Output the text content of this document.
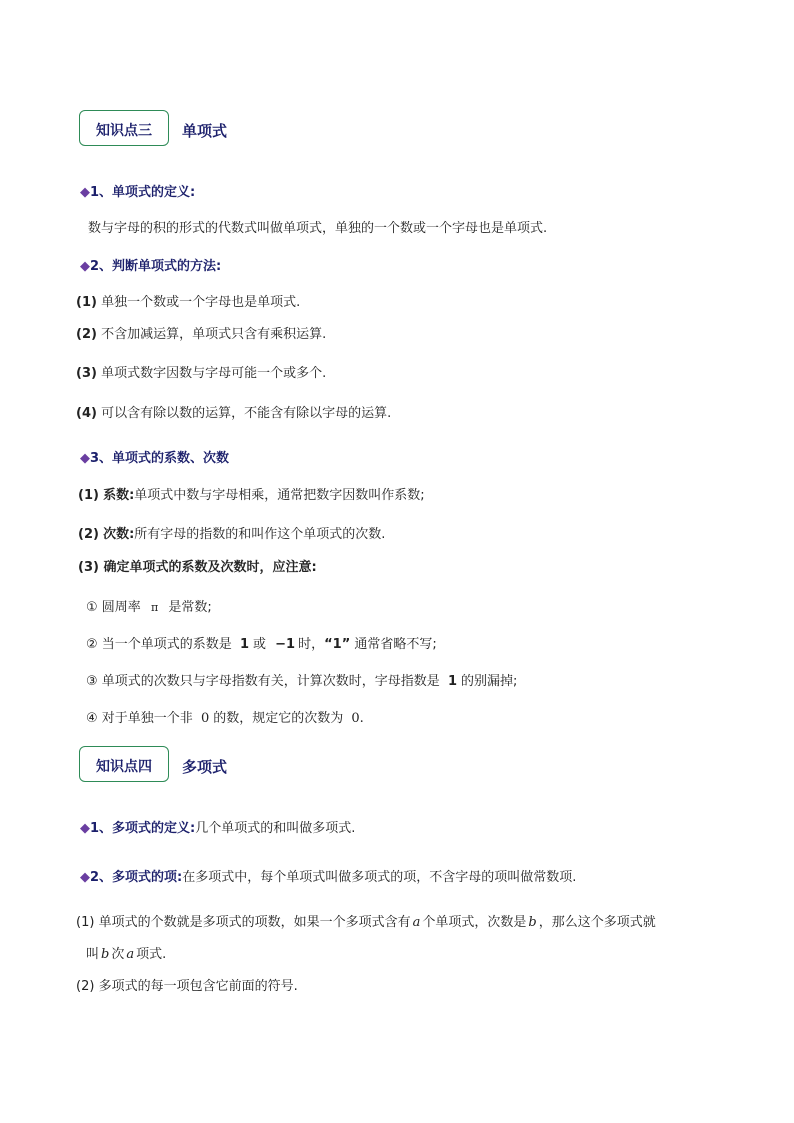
知识点三	单项式
◆1、单项式的定义:
数与字母的积的形式的代数式叫做单项式，单独的一个数或一个字母也是单项式.
◆2、判断单项式的方法:
(1) 单独一个数或一个字母也是单项式.
(2) 不含加减运算，单项式只含有乘积运算.
(3) 单项式数字因数与字母可能一个或多个.
(4) 可以含有除以数的运算，不能含有除以字母的运算.
◆3、单项式的系数、次数
(1) 系数:单项式中数与字母相乘，通常把数字因数叫作系数;
(2) 次数:所有字母的指数的和叫作这个单项式的次数.
(3) 确定单项式的系数及次数时，应注意:
① 圆周率 π 是常数;
② 当一个单项式的系数是 1 或 −1 时，“1” 通常省略不写;
③ 单项式的次数只与字母指数有关，计算次数时，字母指数是 1 的别漏掉;
④ 对于单独一个非 0 的数，规定它的次数为 0.
知识点四	多项式
◆1、多项式的定义:几个单项式的和叫做多项式.
◆2、多项式的项:在多项式中，每个单项式叫做多项式的项，不含字母的项叫做常数项.
(1) 单项式的个数就是多项式的项数，如果一个多项式含有 a 个单项式，次数是 b ，那么这个多项式就
叫 b 次 a 项式.
(2) 多项式的每一项包含它前面的符号.
